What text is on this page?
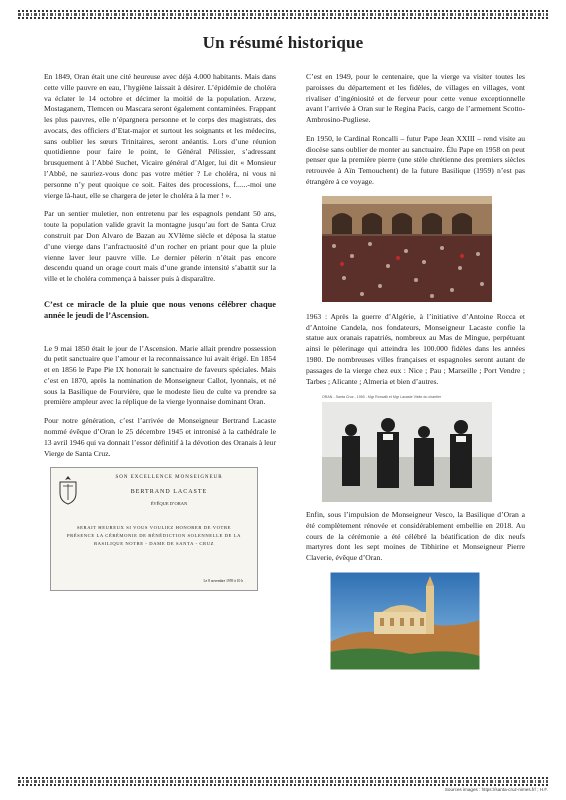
Un résumé historique

En 1849, Oran était une cité heureuse avec déjà 4.000 habitants. Mais dans cette ville pauvre en eau, l’hygiène laissait à désirer. L’épidémie de choléra va éclater le 14 octobre et décimer la moitié de la population. Arzew, Mostaganem, Tlemcen ou Mascara seront également contaminées. Frappant les plus pauvres, elle n’épargnera personne et le corps des magistrats, des avocats, des officiers d’Etat-major et surtout les soignants et les médecins, sans oublier les sœurs Trinitaires, seront anéantis. Lors d’une réunion quotidienne pour faire le point, le Général Pélissier, s’adressant brusquement à l’Abbé Suchet, Vicaire général d’Alger, lui dit « Monsieur l’Abbé, ne sauriez-vous donc pas votre métier ? Le choléra, ni vous ni personne n’y peut quoique ce soit. Faites des processions, f......-moi une vierge là-haut, elle se chargera de jeter le choléra à la mer ! ».

Par un sentier muletier, non entretenu par les espagnols pendant 50 ans, toute la population valide gravit la montagne jusqu’au fort de Santa Cruz construit par Don Alvaro de Bazan au XVIème siècle et déposa la statue d’une vierge dans l’anfractuosité d’un rocher en priant pour que la pluie vienne laver leur pauvre ville. Le dernier pèlerin n’était pas encore descendu quand un orage court mais d’une grande intensité s’abattit sur la ville et le choléra commença à baisser puis à disparaître.

C’est ce miracle de la pluie que nous venons célébrer chaque année le jeudi de l’Ascension.

Le 9 mai 1850 était le jour de l’Ascension. Marie allait prendre possession du petit sanctuaire que l’amour et la reconnaissance lui avait érigé. En 1854 et en 1856 le Pape Pie IX honorait le sanctuaire de faveurs spéciales. Mais c’est en 1870, après la nomination de Monseigneur Callot, lyonnais, et né sous la Basilique de Fourvière, que le modeste lieu de culte va prendre sa première ampleur avec la réplique de la vierge lyonnaise dominant Oran.

Pour notre génération, c’est l’arrivée de Monseigneur Bertrand Lacaste nommé évêque d’Oran le 25 décembre 1945 et intronisé à la cathédrale le 13 avril 1946 qui va donnait l’essor définitif à la dévotion des Oranais à leur Vierge de Santa Cruz.

SON EXCELLENCE MONSEIGNEUR
BERTRAND LACASTE
ÉVÊQUE D’ORAN
SERAIT HEUREUX SI VOUS VOULIEZ HONORER DE VOTRE PRÉSENCE LA CÉRÉMONIE DE BÉNÉDICTION SOLENNELLE DE LA BASILIQUE NOTRE - DAME DE SANTA - CRUZ
Le 8 novembre 1959 à 10 h

C’est en 1949, pour le centenaire, que la vierge va visiter toutes les paroisses du département et les fidèles, de villages en villages, vont rivaliser d’ingéniosité et de ferveur pour cette venue exceptionnelle avant l’arrivée à Oran sur le Regina Pacis, cargo de l’armement Scotto-Ambrosino-Pugliese.

En 1950, le Cardinal Roncalli – futur Pape Jean XXIII – rend visite au diocèse sans oublier de monter au sanctuaire. Élu Pape en 1958 on peut penser que la première pierre (une stèle chrétienne des premiers siècles retrouvée à Aïn Temouchent) de la future Basilique (1959) n’est pas étrangère à ce voyage.

1963 : Après la guerre d’Algérie, à l’initiative d’Antoine Rocca et d’Antoine Candela, nos fondateurs, Monseigneur Lacaste confie la statue aux oranais rapatriés, nombreux au Mas de Mingue, perpétuant ainsi le pèlerinage qui atteindra les 100.000 fidèles dans les années 1980. De nombreuses villes françaises et espagnoles seront autant de passages de la vierge chez eux : Nice ; Pau ; Marseille ; Port Vendre ; Tarbes ; Alicante ; Almeria et bien d’autres.

ORAN - Santa Cruz - 1950 - Mgr Roncalli et Mgr Lacaste Visite du chantier

Enfin, sous l’impulsion de Monseigneur Vesco, la Basilique d’Oran a été complètement rénovée et considérablement embellie en 2018. Au cours de la cérémonie a été célébré la béatification de dix neufs martyres dont les sept moines de Tibhirine et Monseigneur Pierre Claverie, évêque d’Oran.

Sources images : https://santa-cruz-nimes.fr/ ; H.F.
